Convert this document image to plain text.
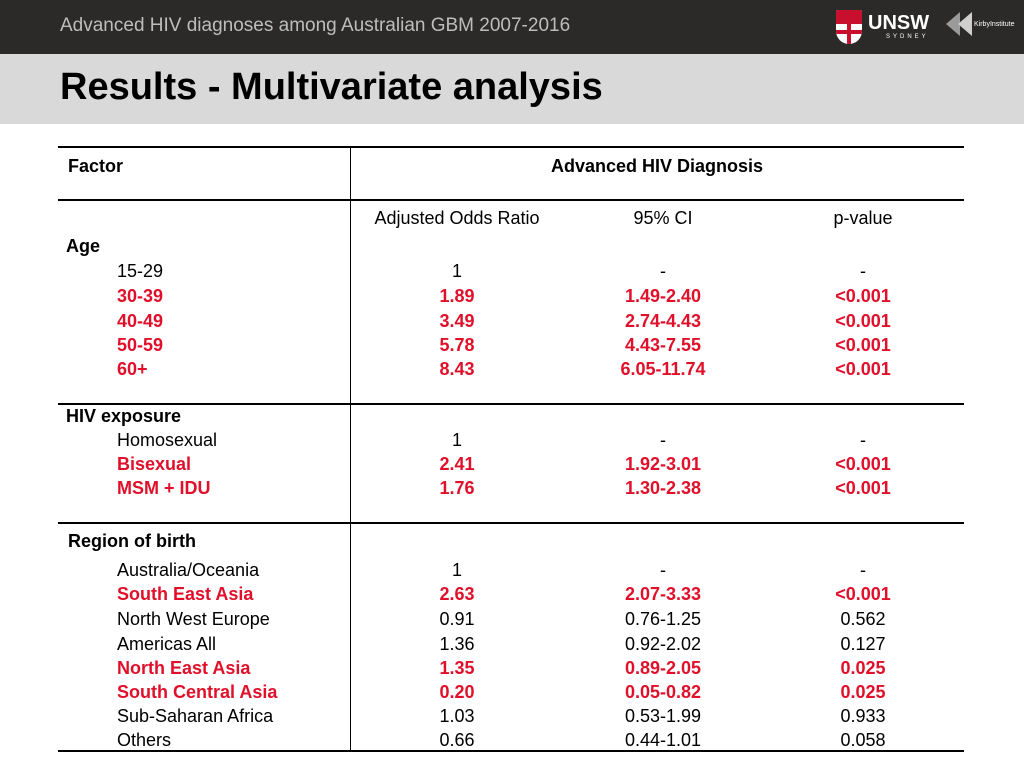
Advanced HIV diagnoses among Australian GBM 2007-2016	UNSW
SYDNEY
KirbyInstitute
Results - Multivariate analysis
Factor	Advanced HIV Diagnosis
Adjusted Odds Ratio	95% CI	p-value
Age
15-29	1	-	-
30-39	1.89	1.49-2.40	<0.001
40-49	3.49	2.74-4.43	<0.001
50-59	5.78	4.43-7.55	<0.001
60+	8.43	6.05-11.74	<0.001
HIV exposure
Homosexual	1	-	-
Bisexual	2.41	1.92-3.01	<0.001
MSM + IDU	1.76	1.30-2.38	<0.001
Region of birth
Australia/Oceania	1	-	-
South East Asia	2.63	2.07-3.33	<0.001
North West Europe	0.91	0.76-1.25	0.562
Americas All	1.36	0.92-2.02	0.127
North East Asia	1.35	0.89-2.05	0.025
South Central Asia	0.20	0.05-0.82	0.025
Sub-Saharan Africa	1.03	0.53-1.99	0.933
Others	0.66	0.44-1.01	0.058
